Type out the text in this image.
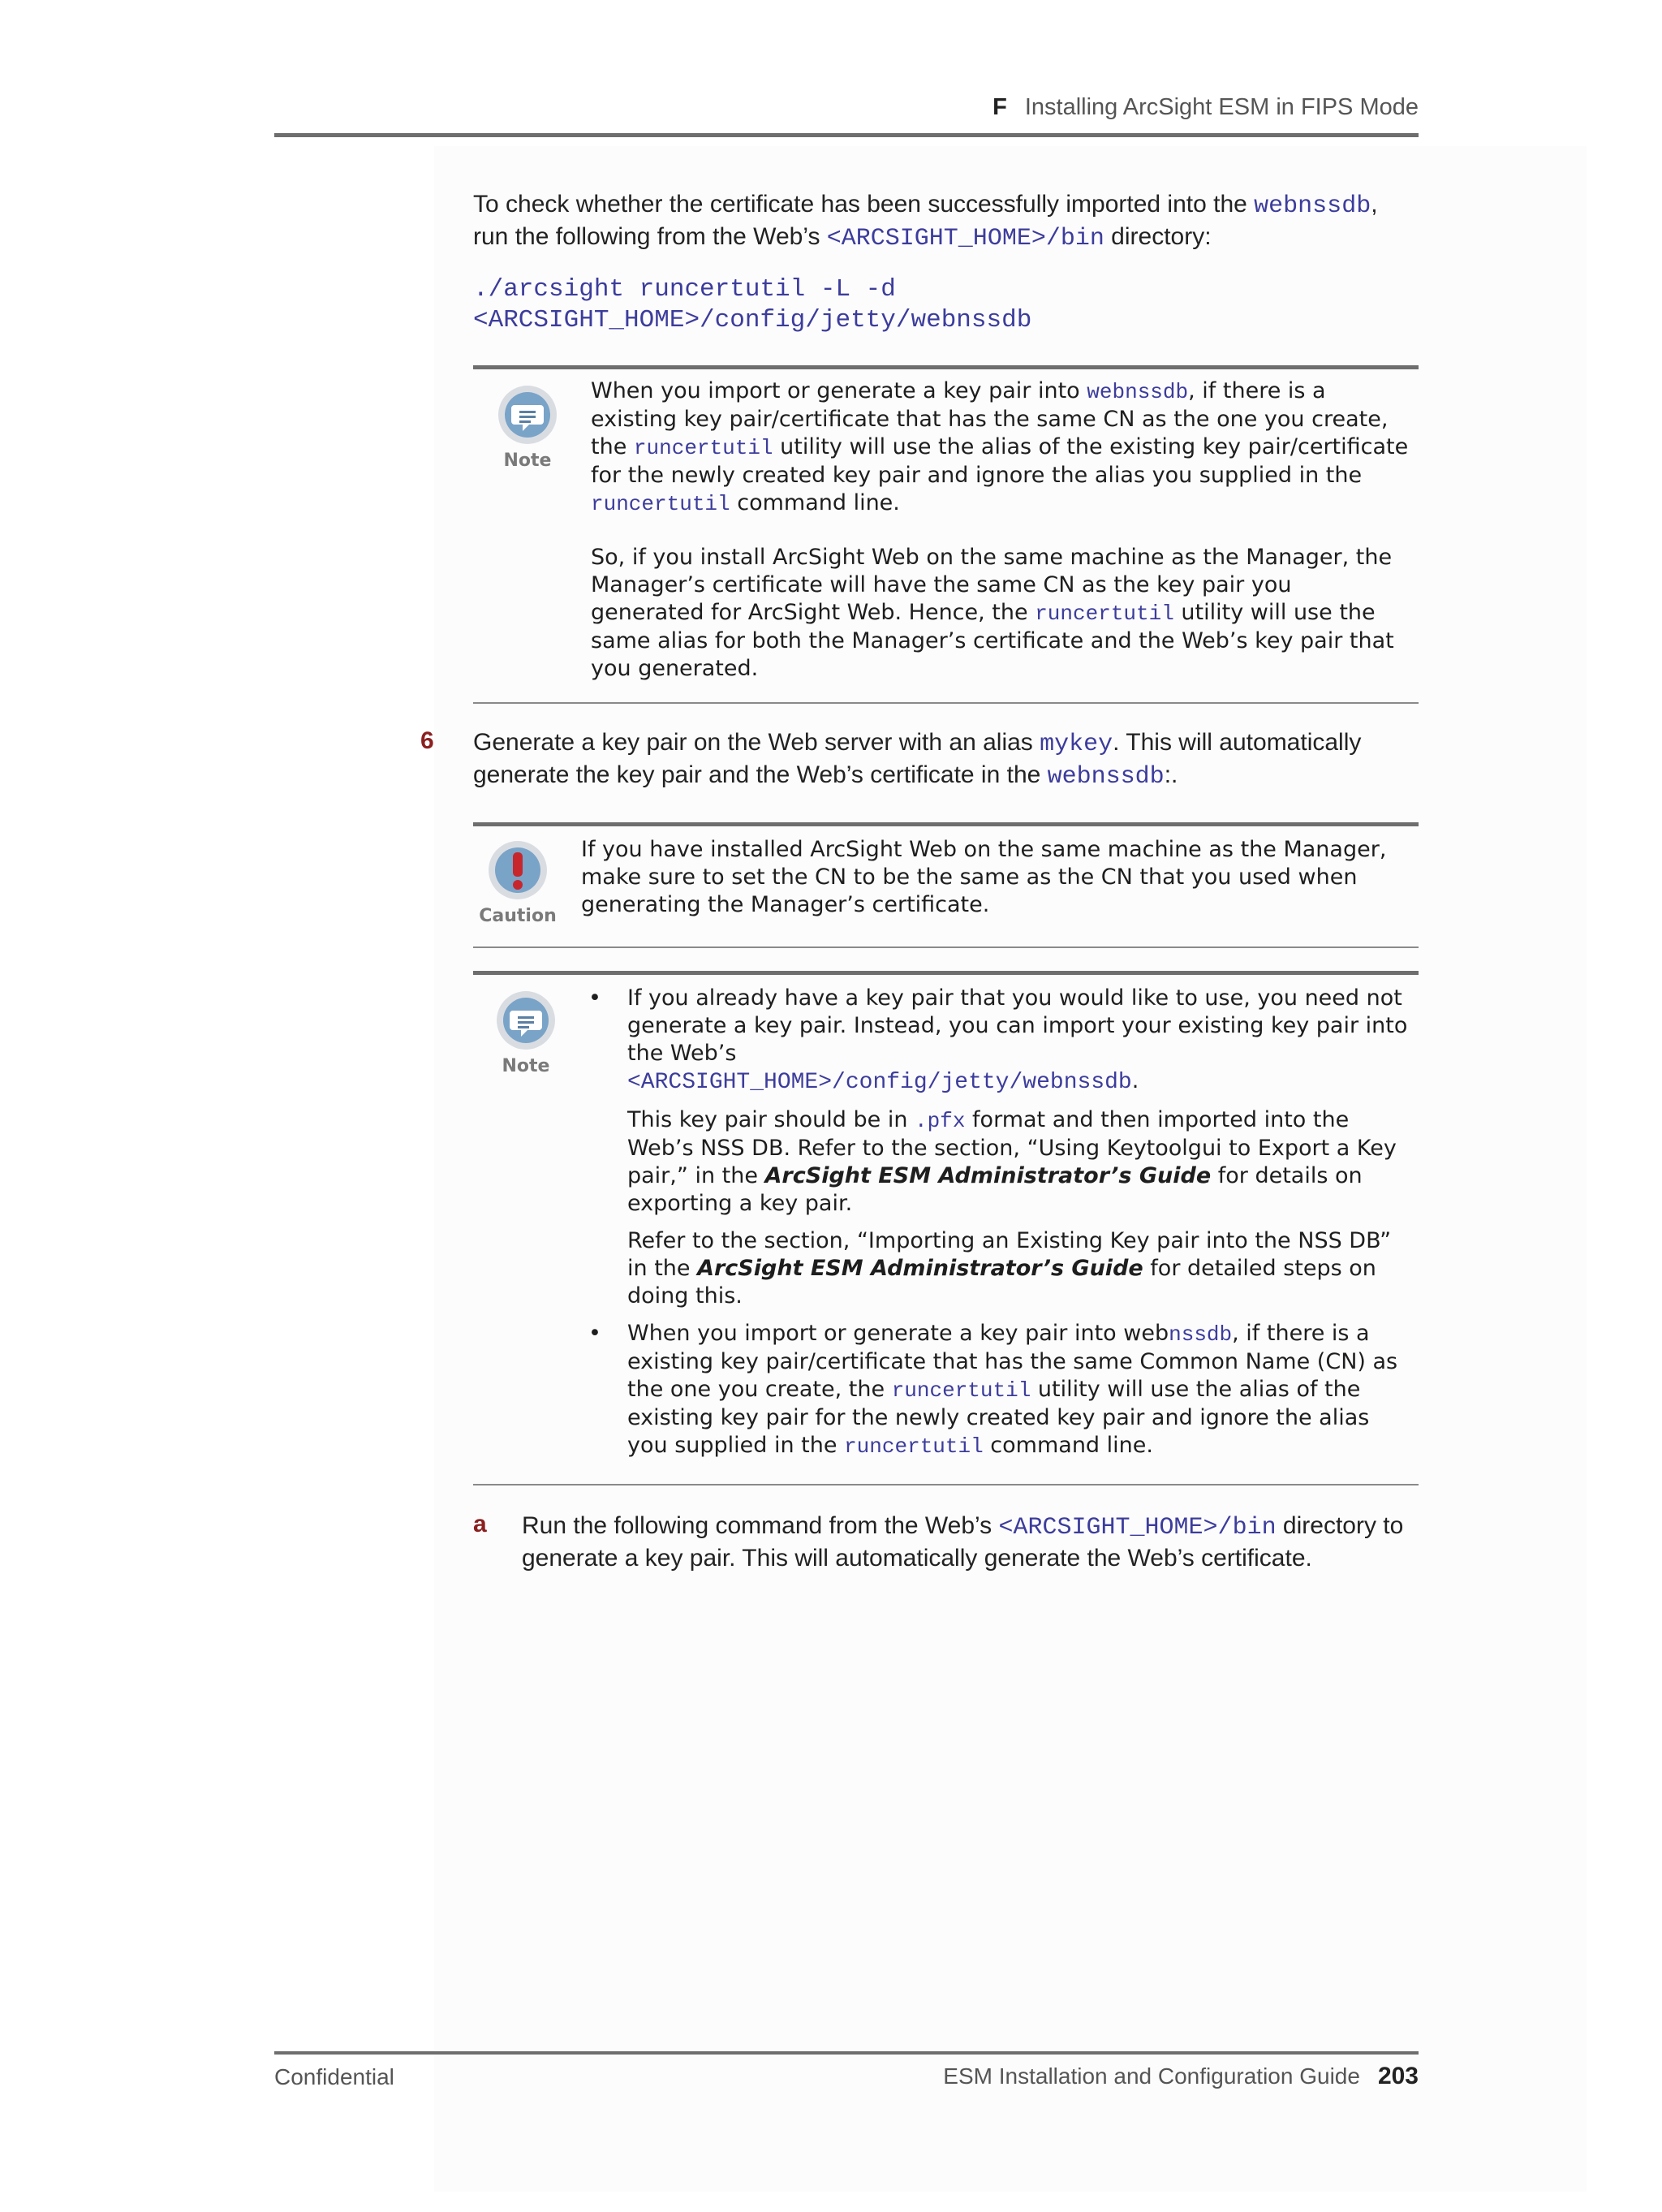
F Installing ArcSight ESM in FIPS Mode
To check whether the certificate has been successfully imported into the webnssdb,
run the following from the Web’s <ARCSIGHT_HOME>/bin directory:
./arcsight runcertutil -L -d
<ARCSIGHT_HOME>/config/jetty/webnssdb
Note

When you import or generate a key pair into webnssdb, if there is a existing key pair/certificate that has the same CN as the one you create, the runcertutil utility will use the alias of the existing key pair/certificate for the newly created key pair and ignore the alias you supplied in the runcertutil command line.

So, if you install ArcSight Web on the same machine as the Manager, the Manager’s certificate will have the same CN as the key pair you generated for ArcSight Web. Hence, the runcertutil utility will use the same alias for both the Manager’s certificate and the Web’s key pair that you generated.

6 Generate a key pair on the Web server with an alias mykey. This will automatically generate the key pair and the Web’s certificate in the webnssdb:.
Caution
If you have installed ArcSight Web on the same machine as the Manager, make sure to set the CN to be the same as the CN that you used when generating the Manager’s certificate.
Note
• If you already have a key pair that you would like to use, you need not generate a key pair. Instead, you can import your existing key pair into the Web’s
<ARCSIGHT_HOME>/config/jetty/webnssdb.

This key pair should be in .pfx format and then imported into the Web’s NSS DB. Refer to the section, “Using Keytoolgui to Export a Key pair,” in the ArcSight ESM Administrator’s Guide for details on exporting a key pair.

Refer to the section, “Importing an Existing Key pair into the NSS DB” in the ArcSight ESM Administrator’s Guide for detailed steps on doing this.

• When you import or generate a key pair into webnssdb, if there is a existing key pair/certificate that has the same Common Name (CN) as the one you create, the runcertutil utility will use the alias of the existing key pair for the newly created key pair and ignore the alias you supplied in the runcertutil command line.

a Run the following command from the Web’s <ARCSIGHT_HOME>/bin directory to generate a key pair. This will automatically generate the Web’s certificate.
Confidential	ESM Installation and Configuration Guide 203
